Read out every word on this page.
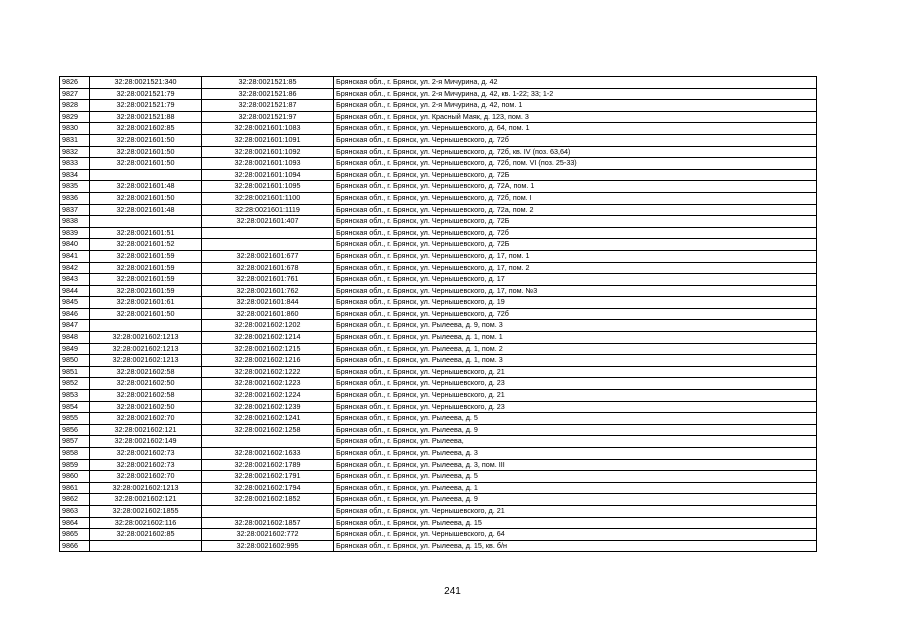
9826	32:28:0021521:340	32:28:0021521:85	Брянская обл., г. Брянск, ул. 2-я Мичурина, д. 42
9827	32:28:0021521:79	32:28:0021521:86	Брянская обл., г. Брянск, ул. 2-я Мичурина, д. 42, кв. 1-22; 33; 1-2
9828	32:28:0021521:79	32:28:0021521:87	Брянская обл., г. Брянск, ул. 2-я Мичурина, д. 42, пом. 1
9829	32:28:0021521:88	32:28:0021521:97	Брянская обл., г. Брянск, ул. Красный Маяк, д. 123, пом. 3
9830	32:28:0021602:85	32:28:0021601:1083	Брянская обл., г. Брянск, ул. Чернышевского, д. 64, пом. 1
9831	32:28:0021601:50	32:28:0021601:1091	Брянская обл., г. Брянск, ул. Чернышевского, д. 72б
9832	32:28:0021601:50	32:28:0021601:1092	Брянская обл., г. Брянск, ул. Чернышевского, д. 72б, кв. IV (поз. 63,64)
9833	32:28:0021601:50	32:28:0021601:1093	Брянская обл., г. Брянск, ул. Чернышевского, д. 72б, пом. VI (поз. 25-33)
9834		32:28:0021601:1094	Брянская обл., г. Брянск, ул. Чернышевского, д. 72Б
9835	32:28:0021601:48	32:28:0021601:1095	Брянская обл., г. Брянск, ул. Чернышевского, д. 72А, пом. 1
9836	32:28:0021601:50	32:28:0021601:1100	Брянская обл., г. Брянск, ул. Чернышевского, д. 72б, пом. I
9837	32:28:0021601:48	32:28:0021601:1119	Брянская обл., г. Брянск, ул. Чернышевского, д. 72а, пом. 2
9838		32:28:0021601:407	Брянская обл., г. Брянск, ул. Чернышевского, д. 72Б
9839	32:28:0021601:51		Брянская обл., г. Брянск, ул. Чернышевского, д. 72б
9840	32:28:0021601:52		Брянская обл., г. Брянск, ул. Чернышевского, д. 72Б
9841	32:28:0021601:59	32:28:0021601:677	Брянская обл., г. Брянск, ул. Чернышевского, д. 17, пом. 1
9842	32:28:0021601:59	32:28:0021601:678	Брянская обл., г. Брянск, ул. Чернышевского, д. 17, пом. 2
9843	32:28:0021601:59	32:28:0021601:761	Брянская обл., г. Брянск, ул. Чернышевского, д. 17
9844	32:28:0021601:59	32:28:0021601:762	Брянская обл., г. Брянск, ул. Чернышевского, д. 17, пом. №3
9845	32:28:0021601:61	32:28:0021601:844	Брянская обл., г. Брянск, ул. Чернышевского, д. 19
9846	32:28:0021601:50	32:28:0021601:860	Брянская обл., г. Брянск, ул. Чернышевского, д. 72б
9847		32:28:0021602:1202	Брянская обл., г. Брянск, ул. Рылеева, д. 9, пом. 3
9848	32:28:0021602:1213	32:28:0021602:1214	Брянская обл., г. Брянск, ул. Рылеева, д. 1, пом. 1
9849	32:28:0021602:1213	32:28:0021602:1215	Брянская обл., г. Брянск, ул. Рылеева, д. 1, пом. 2
9850	32:28:0021602:1213	32:28:0021602:1216	Брянская обл., г. Брянск, ул. Рылеева, д. 1, пом. 3
9851	32:28:0021602:58	32:28:0021602:1222	Брянская обл., г. Брянск, ул. Чернышевского, д. 21
9852	32:28:0021602:50	32:28:0021602:1223	Брянская обл., г. Брянск, ул. Чернышевского, д. 23
9853	32:28:0021602:58	32:28:0021602:1224	Брянская обл., г. Брянск, ул. Чернышевского, д. 21
9854	32:28:0021602:50	32:28:0021602:1239	Брянская обл., г. Брянск, ул. Чернышевского, д. 23
9855	32:28:0021602:70	32:28:0021602:1241	Брянская обл., г. Брянск, ул. Рылеева, д. 5
9856	32:28:0021602:121	32:28:0021602:1258	Брянская обл., г. Брянск, ул. Рылеева, д. 9
9857	32:28:0021602:149		Брянская обл., г. Брянск, ул. Рылеева,
9858	32:28:0021602:73	32:28:0021602:1633	Брянская обл., г. Брянск, ул. Рылеева, д. 3
9859	32:28:0021602:73	32:28:0021602:1789	Брянская обл., г. Брянск, ул. Рылеева, д. 3, пом. III
9860	32:28:0021602:70	32:28:0021602:1791	Брянская обл., г. Брянск, ул. Рылеева, д. 5
9861	32:28:0021602:1213	32:28:0021602:1794	Брянская обл., г. Брянск, ул. Рылеева, д. 1
9862	32:28:0021602:121	32:28:0021602:1852	Брянская обл., г. Брянск, ул. Рылеева, д. 9
9863	32:28:0021602:1855		Брянская обл., г. Брянск, ул. Чернышевского, д. 21
9864	32:28:0021602:116	32:28:0021602:1857	Брянская обл., г. Брянск, ул. Рылеева, д. 15
9865	32:28:0021602:85	32:28:0021602:772	Брянская обл., г. Брянск, ул. Чернышевского, д. 64
9866		32:28:0021602:995	Брянская обл., г. Брянск, ул. Рылеева, д. 15, кв. б/н
241
